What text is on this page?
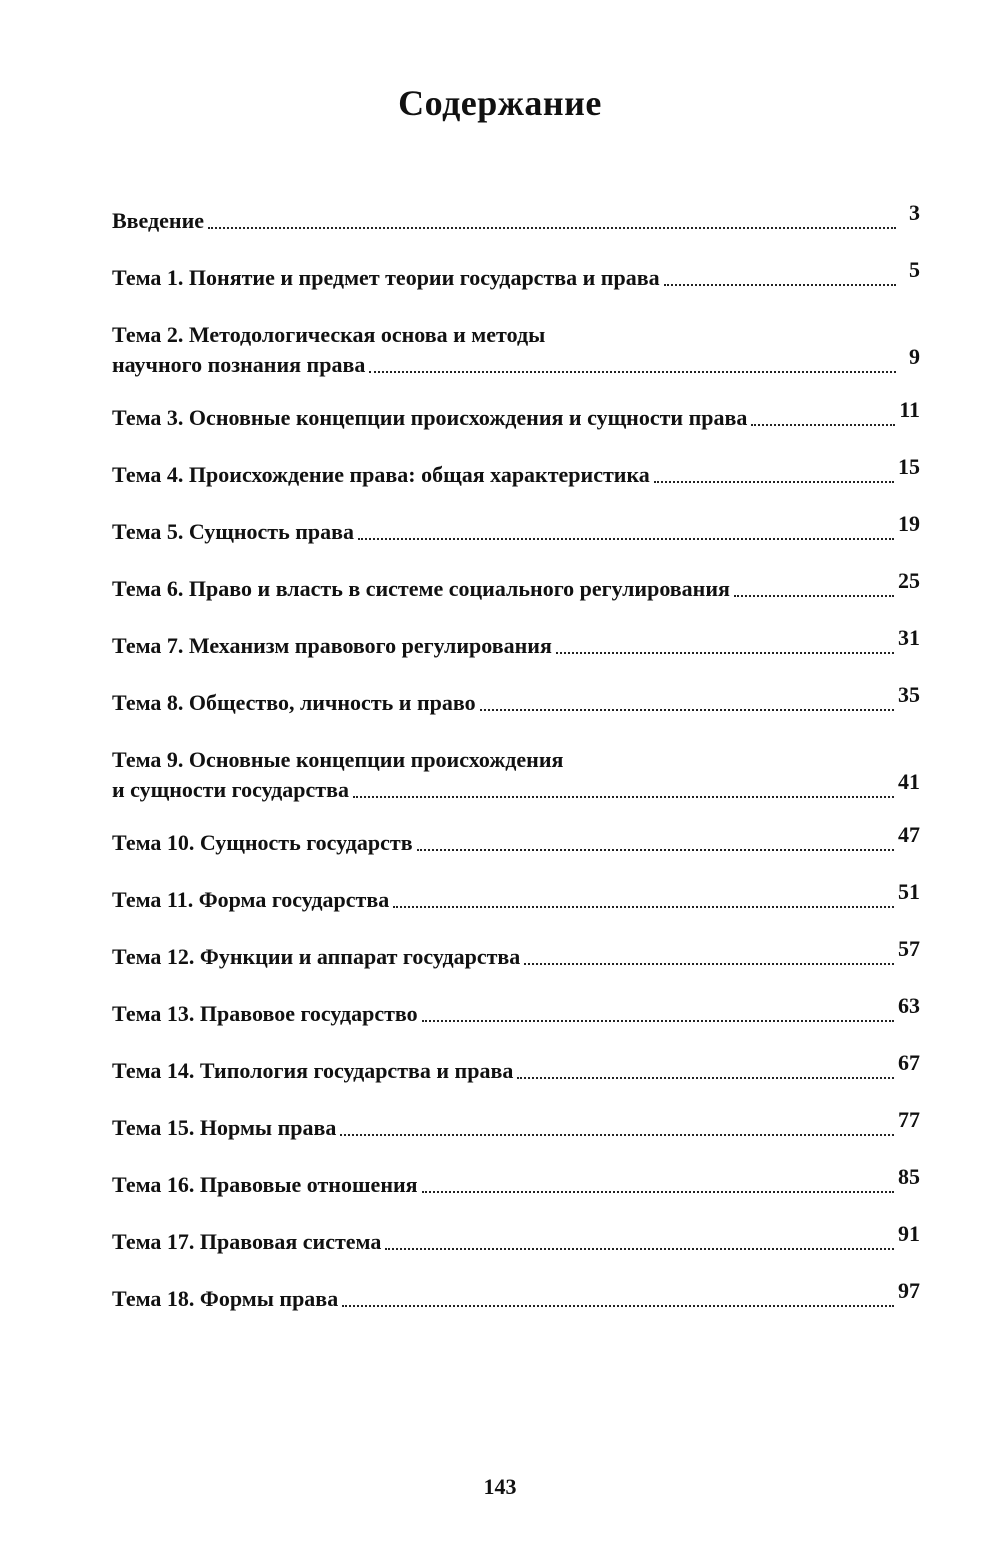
Содержание
Введение	3
Тема 1. Понятие и предмет теории государства и права	5
Тема 2. Методологическая основа и методы
научного познания права	9
Тема 3. Основные концепции происхождения и сущности права	11
Тема 4. Происхождение права: общая характеристика	15
Тема 5. Сущность права	19
Тема 6. Право и власть в системе социального регулирования	25
Тема 7. Механизм правового регулирования	31
Тема 8. Общество, личность и право	35
Тема 9. Основные концепции происхождения
и сущности государства	41
Тема 10. Сущность государств	47
Тема 11. Форма государства	51
Тема 12. Функции и аппарат государства	57
Тема 13. Правовое государство	63
Тема 14. Типология государства и права	67
Тема 15. Нормы права	77
Тема 16. Правовые отношения	85
Тема 17. Правовая система	91
Тема 18. Формы права	97
143
